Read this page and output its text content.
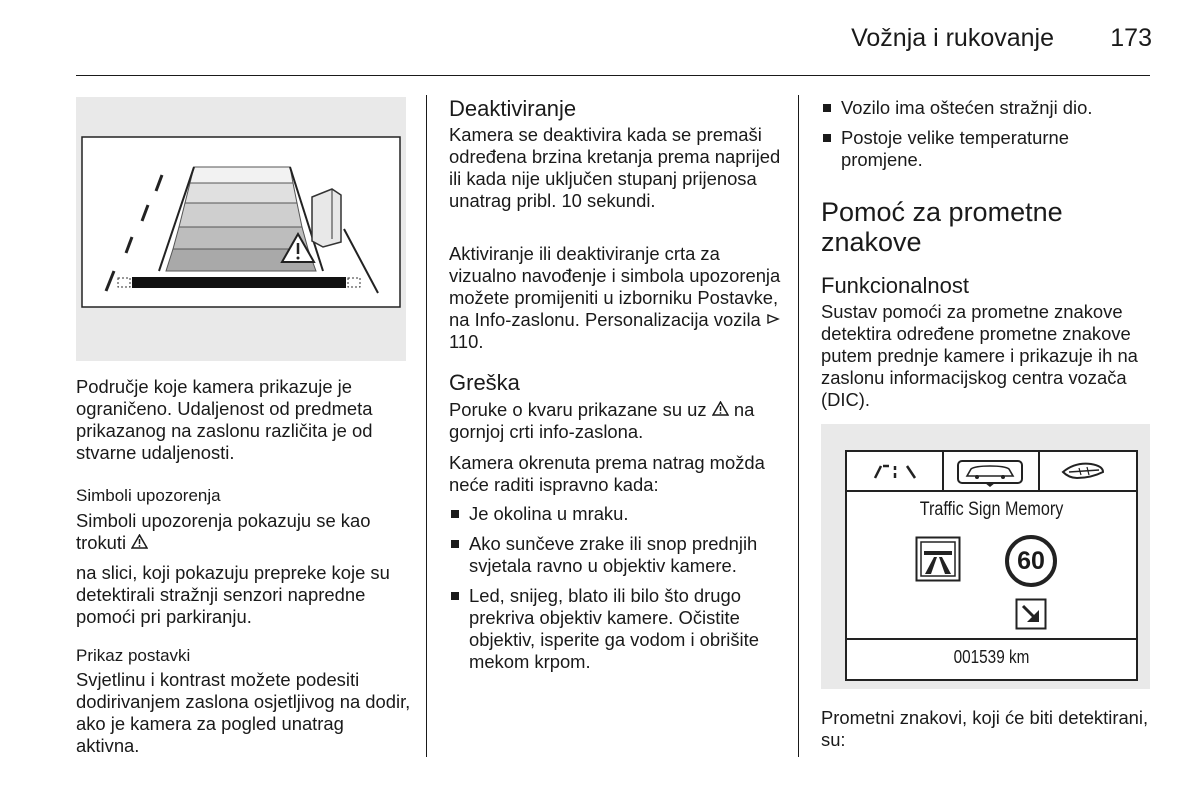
Vožnja i rukovanje 173

Područje koje kamera prikazuje je ograničeno. Udaljenost od predmeta prikazanog na zaslonu različita je od stvarne udaljenosti.

Simboli upozorenja

Simboli upozorenja pokazuju se kao trokuti

na slici, koji pokazuju prepreke koje su detektirali stražnji senzori napredne pomoći pri parkiranju.

Prikaz postavki

Svjetlinu i kontrast možete podesiti dodirivanjem zaslona osjetljivog na dodir, ako je kamera za pogled unatrag aktivna.

Deaktiviranje

Kamera se deaktivira kada se premaši određena brzina kretanja prema naprijed ili kada nije uključen stupanj prijenosa unatrag pribl. 10 sekundi.

Aktiviranje ili deaktiviranje crta za vizualno navođenje i simbola upozorenja možete promijeniti u izborniku Postavke, na Info-zaslonu. Personalizacija vozila  110.

Greška

Poruke o kvaru prikazane su uz na gornjoj crti info-zaslona.

Kamera okrenuta prema natrag možda neće raditi ispravno kada:

Je okolina u mraku.
Ako sunčeve zrake ili snop prednjih svjetala ravno u objektiv kamere.
Led, snijeg, blato ili bilo što drugo prekriva objektiv kamere. Očistite objektiv, isperite ga vodom i obrišite mekom krpom.
Vozilo ima oštećen stražnji dio.
Postoje velike temperaturne promjene.

Pomoć za prometne
znakove

Funkcionalnost

Sustav pomoći za prometne znakove detektira određene prometne znakove putem prednje kamere i prikazuje ih na zaslonu informacijskog centra vozača (DIC).

Traffic Sign Memory
60
001539 km

Prometni znakovi, koji će biti detektirani, su:
